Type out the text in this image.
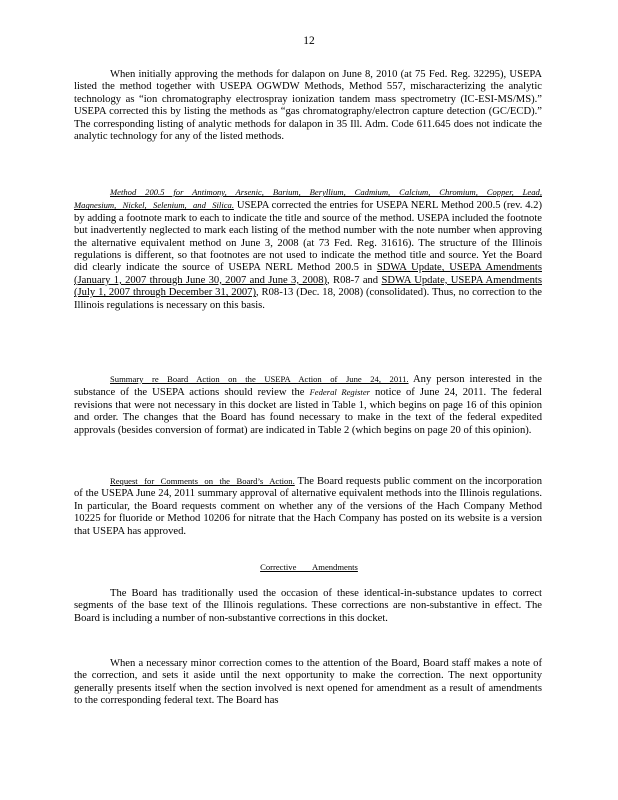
12

When initially approving the methods for dalapon on June 8, 2010 (at 75 Fed. Reg. 32295), USEPA listed the method together with USEPA OGWDW Methods, Method 557, mischaracterizing the analytic technology as “ion chromatography electrospray ionization tandem mass spectrometry (IC-ESI-MS/MS).” USEPA corrected this by listing the methods as “gas chromatography/electron capture detection (GC/ECD).” The corresponding listing of analytic methods for dalapon in 35 Ill. Adm. Code 611.645 does not indicate the analytic technology for any of the listed methods.

Method 200.5 for Antimony, Arsenic, Barium, Beryllium, Cadmium, Calcium, Chromium, Copper, Lead, Magnesium, Nickel, Selenium, and Silica. USEPA corrected the entries for USEPA NERL Method 200.5 (rev. 4.2) by adding a footnote mark to each to indicate the title and source of the method. USEPA included the footnote but inadvertently neglected to mark each listing of the method number with the note number when approving the alternative equivalent method on June 3, 2008 (at 73 Fed. Reg. 31616). The structure of the Illinois regulations is different, so that footnotes are not used to indicate the method title and source. Yet the Board did clearly indicate the source of USEPA NERL Method 200.5 in SDWA Update, USEPA Amendments (January 1, 2007 through June 30, 2007 and June 3, 2008), R08-7 and SDWA Update, USEPA Amendments (July 1, 2007 through December 31, 2007), R08-13 (Dec. 18, 2008) (consolidated). Thus, no correction to the Illinois regulations is necessary on this basis.

Summary re Board Action on the USEPA Action of June 24, 2011. Any person interested in the substance of the USEPA actions should review the Federal Register notice of June 24, 2011. The federal revisions that were not necessary in this docket are listed in Table 1, which begins on page 16 of this opinion and order. The changes that the Board has found necessary to make in the text of the federal expedited approvals (besides conversion of format) are indicated in Table 2 (which begins on page 20 of this opinion).

Request for Comments on the Board’s Action. The Board requests public comment on the incorporation of the USEPA June 24, 2011 summary approval of alternative equivalent methods into the Illinois regulations. In particular, the Board requests comment on whether any of the versions of the Hach Company Method 10225 for fluoride or Method 10206 for nitrate that the Hach Company has posted on its website is a version that USEPA has approved.

Corrective Amendments

The Board has traditionally used the occasion of these identical-in-substance updates to correct segments of the base text of the Illinois regulations. These corrections are non-substantive in effect. The Board is including a number of non-substantive corrections in this docket.

When a necessary minor correction comes to the attention of the Board, Board staff makes a note of the correction, and sets it aside until the next opportunity to make the correction. The next opportunity generally presents itself when the section involved is next opened for amendment as a result of amendments to the corresponding federal text. The Board has
